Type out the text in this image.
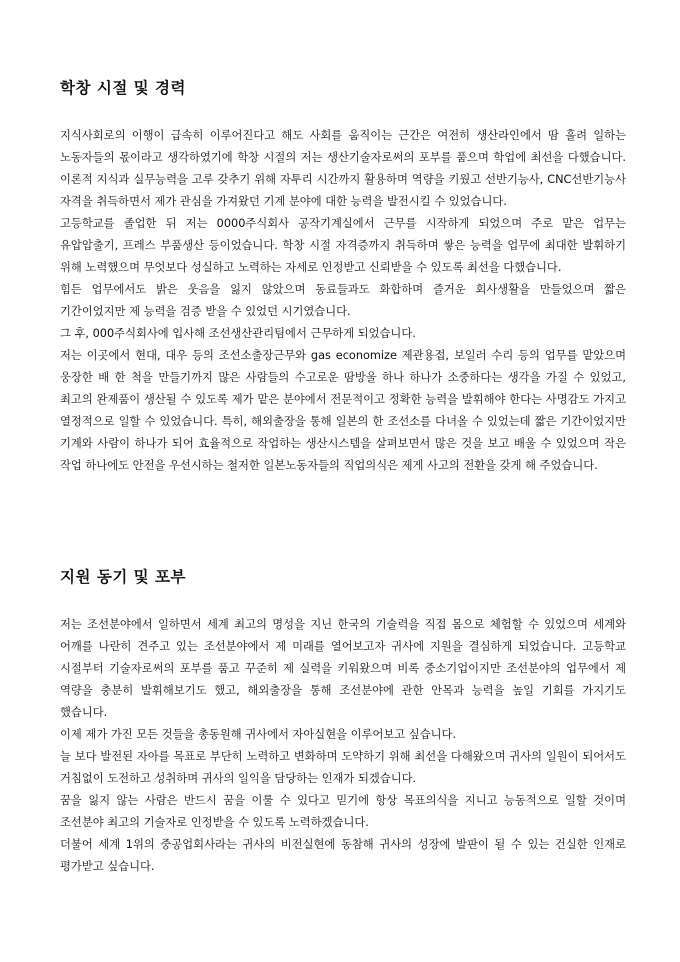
학창 시절 및 경력

지식사회로의 이행이 급속히 이루어진다고 해도 사회를 움직이는 근간은 여전히 생산라인에서 땀 흘려 일하는 노동자들의 몫이라고 생각하였기에 학창 시절의 저는 생산기술자로써의 포부를 품으며 학업에 최선을 다했습니다. 이론적 지식과 실무능력을 고루 갖추기 위해 자투리 시간까지 활용하며 역량을 키웠고 선반기능사, CNC선반기능사 자격을 취득하면서 제가 관심을 가져왔던 기계 분야에 대한 능력을 발전시킬 수 있었습니다.

고등학교를 졸업한 뒤 저는 0000주식회사 공작기계실에서 근무를 시작하게 되었으며 주로 맡은 업무는 유압압출기, 프레스 부품생산 등이었습니다. 학창 시절 자격증까지 취득하며 쌓은 능력을 업무에 최대한 발휘하기 위해 노력했으며 무엇보다 성실하고 노력하는 자세로 인정받고 신뢰받을 수 있도록 최선을 다했습니다.

힘든 업무에서도 밝은 웃음을 잃지 않았으며 동료들과도 화합하며 즐거운 회사생활을 만들었으며 짧은 기간이었지만 제 능력을 검증 받을 수 있었던 시기였습니다.

그 후, 000주식회사에 입사해 조선생산관리팀에서 근무하게 되었습니다.

저는 이곳에서 현대, 대우 등의 조선소출장근무와 gas economize 제관용접, 보일러 수리 등의 업무를 맡았으며 웅장한 배 한 척을 만들기까지 많은 사람들의 수고로운 땀방울 하나 하나가 소중하다는 생각을 가질 수 있었고, 최고의 완제품이 생산될 수 있도록 제가 맡은 분야에서 전문적이고 정확한 능력을 발휘해야 한다는 사명감도 가지고 열정적으로 일할 수 있었습니다. 특히, 해외출장을 통해 일본의 한 조선소를 다녀올 수 있었는데 짧은 기간이었지만 기계와 사람이 하나가 되어 효율적으로 작업하는 생산시스템을 살펴보면서 많은 것을 보고 배울 수 있었으며 작은 작업 하나에도 안전을 우선시하는 철저한 일본노동자들의 직업의식은 제게 사고의 전환을 갖게 해 주었습니다.

지원 동기 및 포부

저는 조선분야에서 일하면서 세계 최고의 명성을 지닌 한국의 기술력을 직접 몸으로 체험할 수 있었으며 세계와 어깨를 나란히 견주고 있는 조선분야에서 제 미래를 열어보고자 귀사에 지원을 결심하게 되었습니다. 고등학교 시절부터 기술자로써의 포부를 품고 꾸준히 제 실력을 키워왔으며 비록 중소기업이지만 조선분야의 업무에서 제 역량을 충분히 발휘해보기도 했고, 해외출장을 통해 조선분야에 관한 안목과 능력을 높일 기회를 가지기도 했습니다.

이제 제가 가진 모든 것들을 총동원해 귀사에서 자아실현을 이루어보고 싶습니다.

늘 보다 발전된 자아를 목표로 부단히 노력하고 변화하며 도약하기 위해 최선을 다해왔으며 귀사의 일원이 되어서도 거침없이 도전하고 성취하며 귀사의 일익을 담당하는 인재가 되겠습니다.

꿈을 잃지 않는 사람은 반드시 꿈을 이룰 수 있다고 믿기에 항상 목표의식을 지니고 능동적으로 일할 것이며 조선분야 최고의 기술자로 인정받을 수 있도록 노력하겠습니다.

더불어 세계 1위의 중공업회사라는 귀사의 비전실현에 동참해 귀사의 성장에 발판이 될 수 있는 건실한 인재로 평가받고 싶습니다.
